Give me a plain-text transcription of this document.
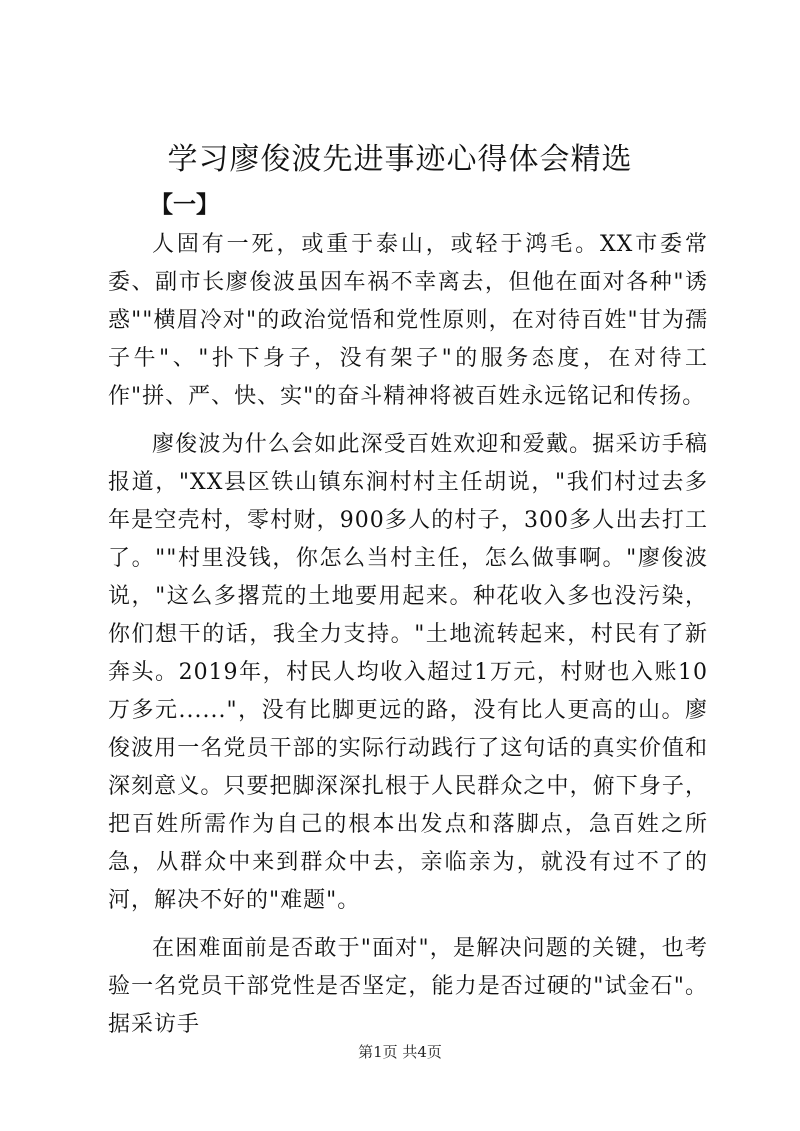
学习廖俊波先进事迹心得体会精选
【一】

人固有一死，或重于泰山，或轻于鸿毛。XX市委常委、副市长廖俊波虽因车祸不幸离去，但他在面对各种"诱惑""横眉冷对"的政治觉悟和党性原则，在对待百姓"甘为孺子牛"、"扑下身子，没有架子"的服务态度，在对待工作"拼、严、快、实"的奋斗精神将被百姓永远铭记和传扬。

廖俊波为什么会如此深受百姓欢迎和爱戴。据采访手稿报道，"XX县区铁山镇东涧村村主任胡说，"我们村过去多年是空壳村，零村财，900多人的村子，300多人出去打工了。""村里没钱，你怎么当村主任，怎么做事啊。"廖俊波说，"这么多撂荒的土地要用起来。种花收入多也没污染，你们想干的话，我全力支持。"土地流转起来，村民有了新奔头。2019年，村民人均收入超过1万元，村财也入账10万多元......"，没有比脚更远的路，没有比人更高的山。廖俊波用一名党员干部的实际行动践行了这句话的真实价值和深刻意义。只要把脚深深扎根于人民群众之中，俯下身子，把百姓所需作为自己的根本出发点和落脚点，急百姓之所急，从群众中来到群众中去，亲临亲为，就没有过不了的河，解决不好的"难题"。

在困难面前是否敢于"面对"，是解决问题的关键，也考验一名党员干部党性是否坚定，能力是否过硬的"试金石"。据采访手

第1页 共4页
